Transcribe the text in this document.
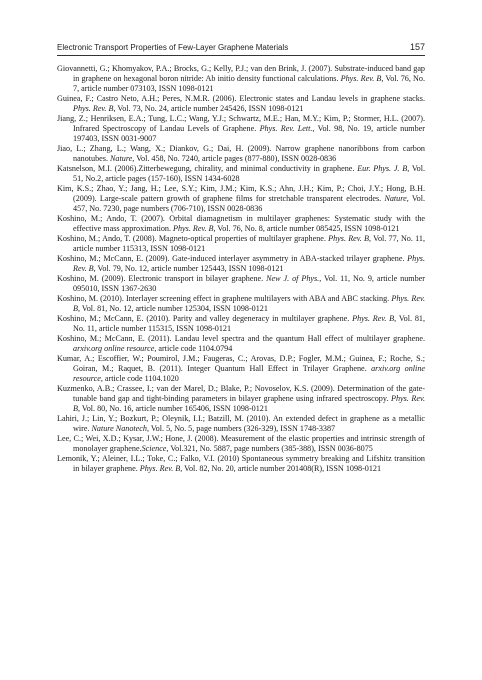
Electronic Transport Properties of Few-Layer Graphene Materials	157
Giovannetti, G.; Khomyakov, P.A.; Brocks, G.; Kelly, P.J.; van den Brink, J. (2007). Substrate-induced band gap in graphene on hexagonal boron nitride: Ab initio density functional calculations. Phys. Rev. B, Vol. 76, No. 7, article number 073103, ISSN 1098-0121
Guinea, F.; Castro Neto, A.H.; Peres, N.M.R. (2006). Electronic states and Landau levels in graphene stacks. Phys. Rev. B, Vol. 73, No. 24, article number 245426, ISSN 1098-0121
Jiang, Z.; Henriksen, E.A.; Tung, L.C.; Wang, Y.J.; Schwartz, M.E.; Han, M.Y.; Kim, P.; Stormer, H.L. (2007). Infrared Spectroscopy of Landau Levels of Graphene. Phys. Rev. Lett., Vol. 98, No. 19, article number 197403, ISSN 0031-9007
Jiao, L.; Zhang, L.; Wang, X.; Diankov, G.; Dai, H. (2009). Narrow graphene nanoribbons from carbon nanotubes. Nature, Vol. 458, No. 7240, article pages (877-880), ISSN 0028-0836
Katsnelson, M.I. (2006).Zitterbewegung, chirality, and minimal conductivity in graphene. Eur. Phys. J. B, Vol. 51, No.2, article pages (157-160), ISSN 1434-6028
Kim, K.S.; Zhao, Y.; Jang, H.; Lee, S.Y.; Kim, J.M.; Kim, K.S.; Ahn, J.H.; Kim, P.; Choi, J.Y.; Hong, B.H. (2009). Large-scale pattern growth of graphene films for stretchable transparent electrodes. Nature, Vol. 457, No. 7230, page numbers (706-710), ISSN 0028-0836
Koshino, M.; Ando, T. (2007). Orbital diamagnetism in multilayer graphenes: Systematic study with the effective mass approximation. Phys. Rev. B, Vol. 76, No. 8, article number 085425, ISSN 1098-0121
Koshino, M.; Ando, T. (2008). Magneto-optical properties of multilayer graphene. Phys. Rev. B, Vol. 77, No. 11, article number 115313, ISSN 1098-0121
Koshino, M.; McCann, E. (2009). Gate-induced interlayer asymmetry in ABA-stacked trilayer graphene. Phys. Rev. B, Vol. 79, No. 12, article number 125443, ISSN 1098-0121
Koshino, M. (2009). Electronic transport in bilayer graphene. New J. of Phys., Vol. 11, No. 9, article number 095010, ISSN 1367-2630
Koshino, M. (2010). Interlayer screening effect in graphene multilayers with ABA and ABC stacking. Phys. Rev. B, Vol. 81, No. 12, article number 125304, ISSN 1098-0121
Koshino, M.; McCann, E. (2010). Parity and valley degeneracy in multilayer graphene. Phys. Rev. B, Vol. 81, No. 11, article number 115315, ISSN 1098-0121
Koshino, M.; McCann, E. (2011). Landau level spectra and the quantum Hall effect of multilayer graphene. arxiv.org online resource, article code 1104.0794
Kumar, A.; Escoffier, W.; Poumirol, J.M.; Faugeras, C.; Arovas, D.P.; Fogler, M.M.; Guinea, F.; Roche, S.; Goiran, M.; Raquet, B. (2011). Integer Quantum Hall Effect in Trilayer Graphene. arxiv.org online resource, article code 1104.1020
Kuzmenko, A.B.; Crassee, I.; van der Marel, D.; Blake, P.; Novoselov, K.S. (2009). Determination of the gate-tunable band gap and tight-binding parameters in bilayer graphene using infrared spectroscopy. Phys. Rev. B, Vol. 80, No. 16, article number 165406, ISSN 1098-0121
Lahiri, J.; Lin, Y.; Bozkurt, P.; Oleynik, I.I.; Batzill, M. (2010). An extended defect in graphene as a metallic wire. Nature Nanotech, Vol. 5, No. 5, page numbers (326-329), ISSN 1748-3387
Lee, C.; Wei, X.D.; Kysar, J.W.; Hone, J. (2008). Measurement of the elastic properties and intrinsic strength of monolayer graphene.Science, Vol.321, No. 5887, page numbers (385-388), ISSN 0036-8075
Lemonik, Y.; Aleiner, I.L.; Toke, C.; Falko, V.I. (2010) Spontaneous symmetry breaking and Lifshitz transition in bilayer graphene. Phys. Rev. B, Vol. 82, No. 20, article number 201408(R), ISSN 1098-0121
